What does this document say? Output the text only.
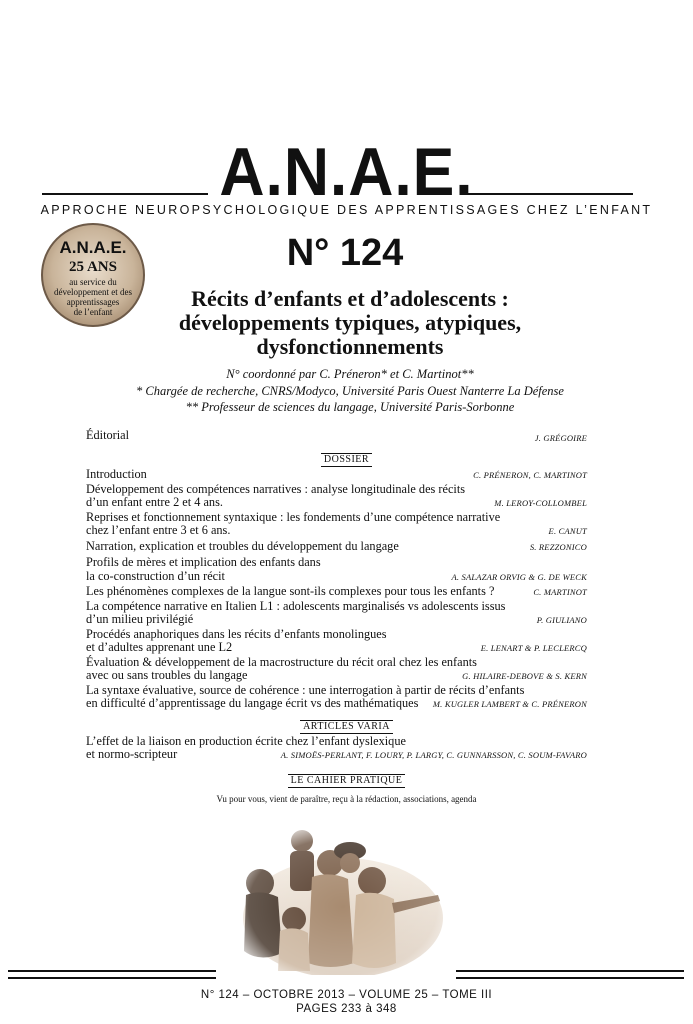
A.N.A.E.
APPROCHE NEUROPSYCHOLOGIQUE DES APPRENTISSAGES CHEZ L’ENFANT
A.N.A.E.
25 ANS
au service du
développement et des
apprentissages
de l’enfant
N° 124
Récits d’enfants et d’adolescents :
développements typiques, atypiques,
dysfonctionnements
N° coordonné par C. Préneron* et C. Martinot**
* Chargée de recherche, CNRS/Modyco, Université Paris Ouest Nanterre La Défense
** Professeur de sciences du langage, Université Paris-Sorbonne
Éditorial	J. GRÉGOIRE
DOSSIER
Introduction	C. PRÉNERON, C. MARTINOT
Développement des compétences narratives : analyse longitudinale des récits
d’un enfant entre 2 et 4 ans.	M. LEROY-COLLOMBEL
Reprises et fonctionnement syntaxique : les fondements d’une compétence narrative
chez l’enfant entre 3 et 6 ans.	E. CANUT
Narration, explication et troubles du développement du langage	S. REZZONICO
Profils de mères et implication des enfants dans
la co-construction d’un récit	A. SALAZAR ORVIG & G. DE WECK
Les phénomènes complexes de la langue sont-ils complexes pour tous les enfants ?	C. MARTINOT
La compétence narrative en Italien L1 : adolescents marginalisés vs adolescents issus
d’un milieu privilégié	P. GIULIANO
Procédés anaphoriques dans les récits d’enfants monolingues
et d’adultes apprenant une L2	E. LENART & P. LECLERCQ
Évaluation & développement de la macrostructure du récit oral chez les enfants
avec ou sans troubles du langage	G. HILAIRE-DEBOVE & S. KERN
La syntaxe évaluative, source de cohérence : une interrogation à partir de récits d’enfants
en difficulté d’apprentissage du langage écrit vs des mathématiques M. KUGLER LAMBERT & C. PRÉNERON
ARTICLES VARIA
L’effet de la liaison en production écrite chez l’enfant dyslexique
et normo-scripteur	A. SIMOËS-PERLANT, F. LOURY, P. LARGY, C. GUNNARSSON, C. SOUM-FAVARO
LE CAHIER PRATIQUE
Vu pour vous, vient de paraître, reçu à la rédaction, associations, agenda
N° 124 – OCTOBRE 2013 – VOLUME 25 – TOME III
PAGES 233 à 348
